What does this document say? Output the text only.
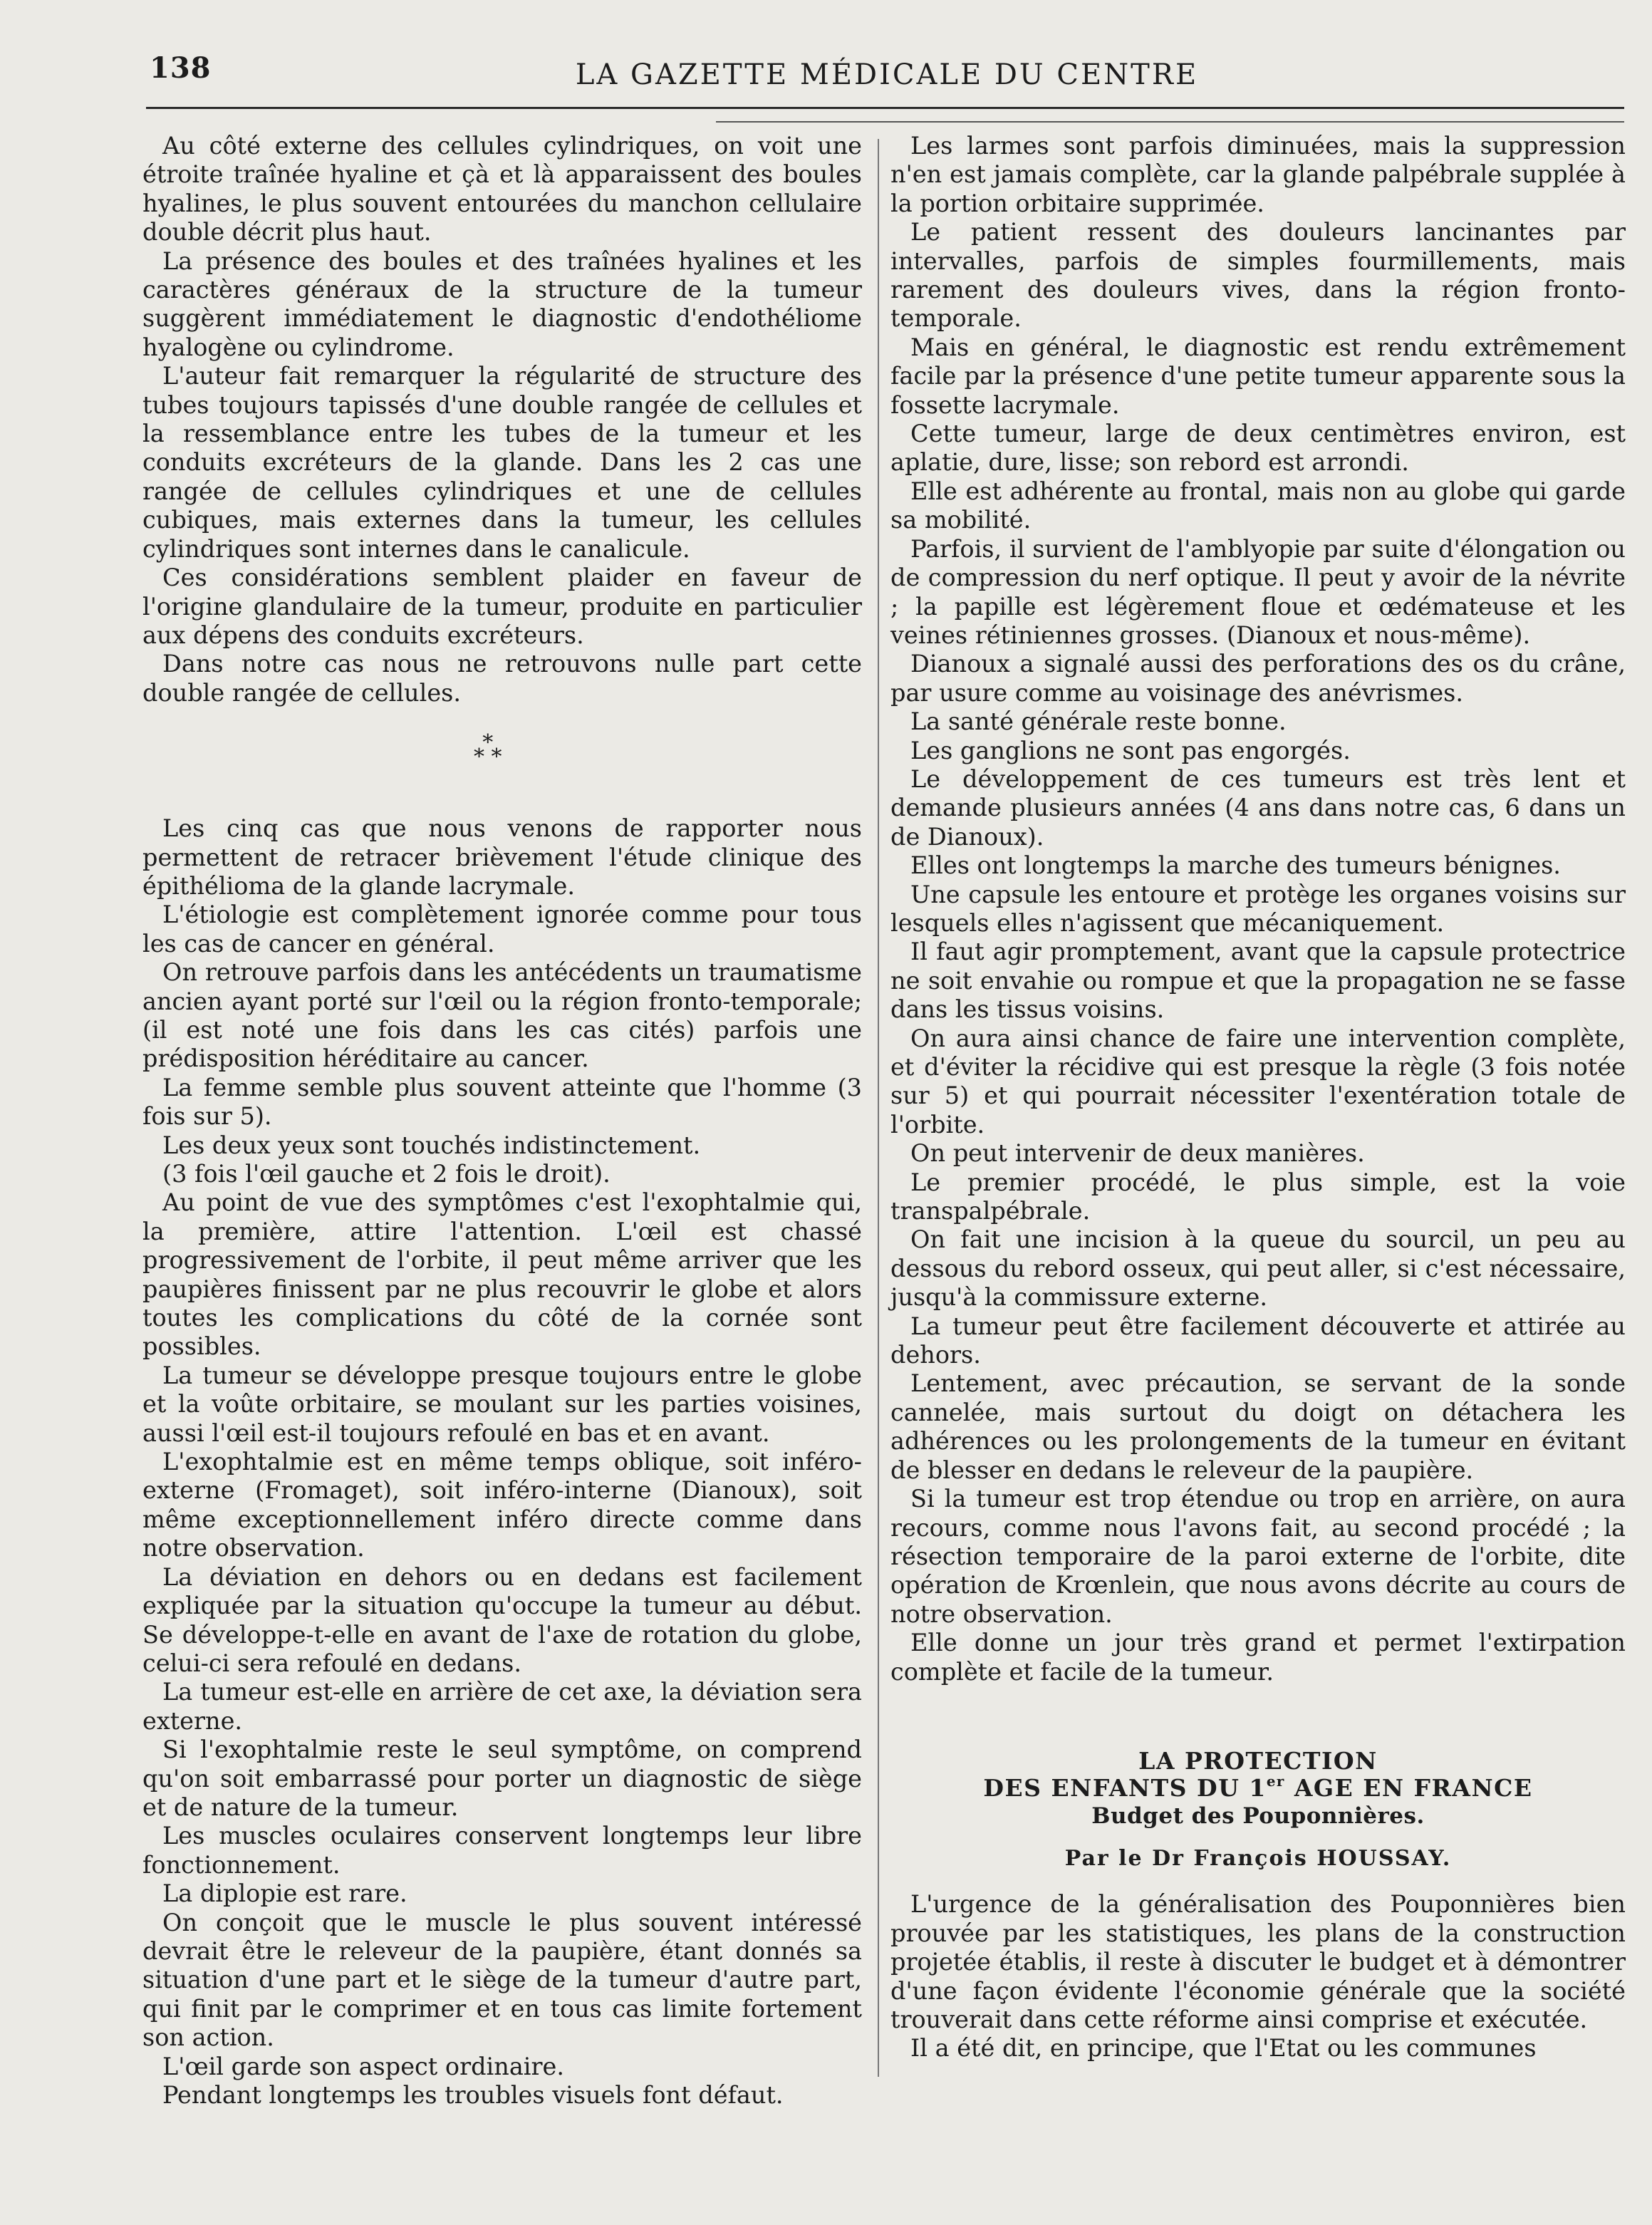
138	LA GAZETTE MÉDICALE DU CENTRE

Au côté externe des cellules cylindriques, on voit une étroite traînée hyaline et çà et là apparaissent des boules hyalines, le plus souvent entourées du manchon cellulaire double décrit plus haut.

La présence des boules et des traînées hyalines et les caractères généraux de la structure de la tumeur suggèrent immédiatement le diagnostic d'endothéliome hyalogène ou cylindrome.

L'auteur fait remarquer la régularité de structure des tubes toujours tapissés d'une double rangée de cellules et la ressemblance entre les tubes de la tumeur et les conduits excréteurs de la glande. Dans les 2 cas une rangée de cellules cylindriques et une de cellules cubiques, mais externes dans la tumeur, les cellules cylindriques sont internes dans le canalicule.

Ces considérations semblent plaider en faveur de l'origine glandulaire de la tumeur, produite en particulier aux dépens des conduits excréteurs.

Dans notre cas nous ne retrouvons nulle part cette double rangée de cellules.

*
* *

Les cinq cas que nous venons de rapporter nous permettent de retracer brièvement l'étude clinique des épithélioma de la glande lacrymale.

L'étiologie est complètement ignorée comme pour tous les cas de cancer en général.

On retrouve parfois dans les antécédents un traumatisme ancien ayant porté sur l'œil ou la région fronto-temporale; (il est noté une fois dans les cas cités) parfois une prédisposition héréditaire au cancer.

La femme semble plus souvent atteinte que l'homme (3 fois sur 5).

Les deux yeux sont touchés indistinctement.

(3 fois l'œil gauche et 2 fois le droit).

Au point de vue des symptômes c'est l'exophtalmie qui, la première, attire l'attention. L'œil est chassé progressivement de l'orbite, il peut même arriver que les paupières finissent par ne plus recouvrir le globe et alors toutes les complications du côté de la cornée sont possibles.

La tumeur se développe presque toujours entre le globe et la voûte orbitaire, se moulant sur les parties voisines, aussi l'œil est-il toujours refoulé en bas et en avant.

L'exophtalmie est en même temps oblique, soit inféro-externe (Fromaget), soit inféro-interne (Dianoux), soit même exceptionnellement inféro directe comme dans notre observation.

La déviation en dehors ou en dedans est facilement expliquée par la situation qu'occupe la tumeur au début. Se développe-t-elle en avant de l'axe de rotation du globe, celui-ci sera refoulé en dedans.

La tumeur est-elle en arrière de cet axe, la déviation sera externe.

Si l'exophtalmie reste le seul symptôme, on comprend qu'on soit embarrassé pour porter un diagnostic de siège et de nature de la tumeur.

Les muscles oculaires conservent longtemps leur libre fonctionnement.

La diplopie est rare.

On conçoit que le muscle le plus souvent intéressé devrait être le releveur de la paupière, étant donnés sa situation d'une part et le siège de la tumeur d'autre part, qui finit par le comprimer et en tous cas limite fortement son action.

L'œil garde son aspect ordinaire.

Pendant longtemps les troubles visuels font défaut.

Les larmes sont parfois diminuées, mais la suppression n'en est jamais complète, car la glande palpébrale supplée à la portion orbitaire supprimée.

Le patient ressent des douleurs lancinantes par intervalles, parfois de simples fourmillements, mais rarement des douleurs vives, dans la région fronto-temporale.

Mais en général, le diagnostic est rendu extrêmement facile par la présence d'une petite tumeur apparente sous la fossette lacrymale.

Cette tumeur, large de deux centimètres environ, est aplatie, dure, lisse; son rebord est arrondi.

Elle est adhérente au frontal, mais non au globe qui garde sa mobilité.

Parfois, il survient de l'amblyopie par suite d'élongation ou de compression du nerf optique. Il peut y avoir de la névrite ; la papille est légèrement floue et œdémateuse et les veines rétiniennes grosses. (Dianoux et nous-même).

Dianoux a signalé aussi des perforations des os du crâne, par usure comme au voisinage des anévrismes.

La santé générale reste bonne.

Les ganglions ne sont pas engorgés.

Le développement de ces tumeurs est très lent et demande plusieurs années (4 ans dans notre cas, 6 dans un de Dianoux).

Elles ont longtemps la marche des tumeurs bénignes.

Une capsule les entoure et protège les organes voisins sur lesquels elles n'agissent que mécaniquement.

Il faut agir promptement, avant que la capsule protectrice ne soit envahie ou rompue et que la propagation ne se fasse dans les tissus voisins.

On aura ainsi chance de faire une intervention complète, et d'éviter la récidive qui est presque la règle (3 fois notée sur 5) et qui pourrait nécessiter l'exentération totale de l'orbite.

On peut intervenir de deux manières.

Le premier procédé, le plus simple, est la voie transpalpébrale.

On fait une incision à la queue du sourcil, un peu au dessous du rebord osseux, qui peut aller, si c'est nécessaire, jusqu'à la commissure externe.

La tumeur peut être facilement découverte et attirée au dehors.

Lentement, avec précaution, se servant de la sonde cannelée, mais surtout du doigt on détachera les adhérences ou les prolongements de la tumeur en évitant de blesser en dedans le releveur de la paupière.

Si la tumeur est trop étendue ou trop en arrière, on aura recours, comme nous l'avons fait, au second procédé ; la résection temporaire de la paroi externe de l'orbite, dite opération de Krœnlein, que nous avons décrite au cours de notre observation.

Elle donne un jour très grand et permet l'extirpation complète et facile de la tumeur.

LA PROTECTION
DES ENFANTS DU 1er AGE EN FRANCE
Budget des Pouponnières.
Par le Dr François HOUSSAY.

L'urgence de la généralisation des Pouponnières bien prouvée par les statistiques, les plans de la construction projetée établis, il reste à discuter le budget et à démontrer d'une façon évidente l'économie générale que la société trouverait dans cette réforme ainsi comprise et exécutée.

Il a été dit, en principe, que l'Etat ou les communes
